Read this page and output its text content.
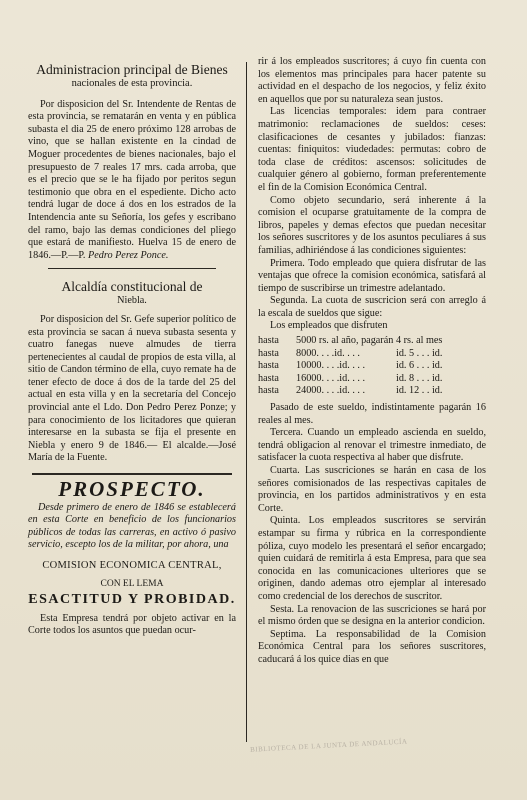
Administracion principal de Bienes
nacionales de esta provincia.

Por disposicion del Sr. Intendente de Rentas de esta provincia, se rematarán en venta y en pública subasta el dia 25 de enero próximo 128 arrobas de vino, que se hallan existente en la cindad de Moguer procedentes de bienes nacionales, bajo el presupuesto de 7 reales 17 mrs. cada arroba, que es el precio que se le ha fijado por peritos segun testimonio que obra en el espediente. Dicho acto tendrá lugar de doce á dos en los estrados de la Intendencia ante su Señoría, los gefes y escribano del ramo, bajo las demas condiciones del pliego que estará de manifiesto. Huelva 15 de enero de 1846.—P.—P. Pedro Perez Ponce.

Alcaldía constitucional de
Niebla.

Por disposicion del Sr. Gefe superior político de esta provincia se sacan á nueva subasta sesenta y cuatro fanegas nueve almudes de tierra pertenecientes al caudal de propios de esta villa, al sitio de Candon término de ella, cuyo remate ha de tener efecto de doce á dos de la tarde del 25 del actual en esta villa y en la secretaría del Concejo provincial ante el Ldo. Don Pedro Perez Ponze; y para conocimiento de los licitadores que quieran interesarse en la subasta se fija el presente en Niebla y enero 9 de 1846.— El alcalde.—José María de la Fuente.

PROSPECTO.

Desde primero de enero de 1846 se establecerá en esta Corte en beneficio de los funcionarios públicos de todas las carreras, en activo ó pasivo servicio, escepto los de la militar, por ahora, una

COMISION ECONOMICA CENTRAL,
CON EL LEMA
ESACTITUD Y PROBIDAD.

Esta Empresa tendrá por objeto activar en la Corte todos los asuntos que puedan ocur-

rir á los empleados suscritores; á cuyo fin cuenta con los elementos mas principales para hacer patente su actividad en el despacho de los negocios, y feliz éxito en aquellos que por su naturaleza sean justos.

Las licencias temporales: idem para contraer matrimonio: reclamaciones de sueldos: ceses: clasificaciones de cesantes y jubilados: fianzas: cuentas: finiquitos: viudedades: permutas: cobro de toda clase de créditos: ascensos: solicitudes de cualquier género al gobierno, forman preferentemente el fin de la Comision Económica Central.

Como objeto secundario, será inherente á la comision el ocuparse gratuitamente de la compra de libros, papeles y demas efectos que puedan necesitar los señores suscritores y de los asuntos peculiares á sus familias, adhiriéndose á las condiciones siguientes:

Primera. Todo empleado que quiera disfrutar de las ventajas que ofrece la comision económica, satisfará al tiempo de suscribirse un trimestre adelantado.

Segunda. La cuota de suscricion será con arreglo á la escala de sueldos que sigue:

Los empleados que disfruten

hasta	5000 rs. al año, pagarán 4 rs. al mes
hasta	8000. . . .id. . . .	id. 5 . . . id.
hasta	10000. . . .id. . . .	id. 6 . . . id.
hasta	16000. . . .id. . . .	id. 8 . . . id.
hasta	24000. . . .id. . . .	id. 12 . . id.

Pasado de este sueldo, indistintamente pagarán 16 reales al mes.

Tercera. Cuando un empleado ascienda en sueldo, tendrá obligacion al renovar el trimestre inmediato, de satisfacer la cuota respectiva al haber que disfrute.

Cuarta. Las suscriciones se harán en casa de los señores comisionados de las respectivas capitales de provincia, en los partidos administrativos y en esta Corte.

Quinta. Los empleados suscritores se servirán estampar su firma y rúbrica en la correspondiente póliza, cuyo modelo les presentará el señor encargado; quien cuidará de remitirla á esta Empresa, para que sea conocida en las comunicaciones ulteriores que se originen, dando ademas otro ejemplar al interesado como credencial de los derechos de suscritor.

Sesta. La renovacion de las suscriciones se hará por el mismo órden que se designa en la anterior condicion.

Septima. La responsabilidad de la Comision Económica Central para los señores suscritores, caducará á los quice dias en que

BIBLIOTECA DE LA JUNTA DE ANDALUCÍA
